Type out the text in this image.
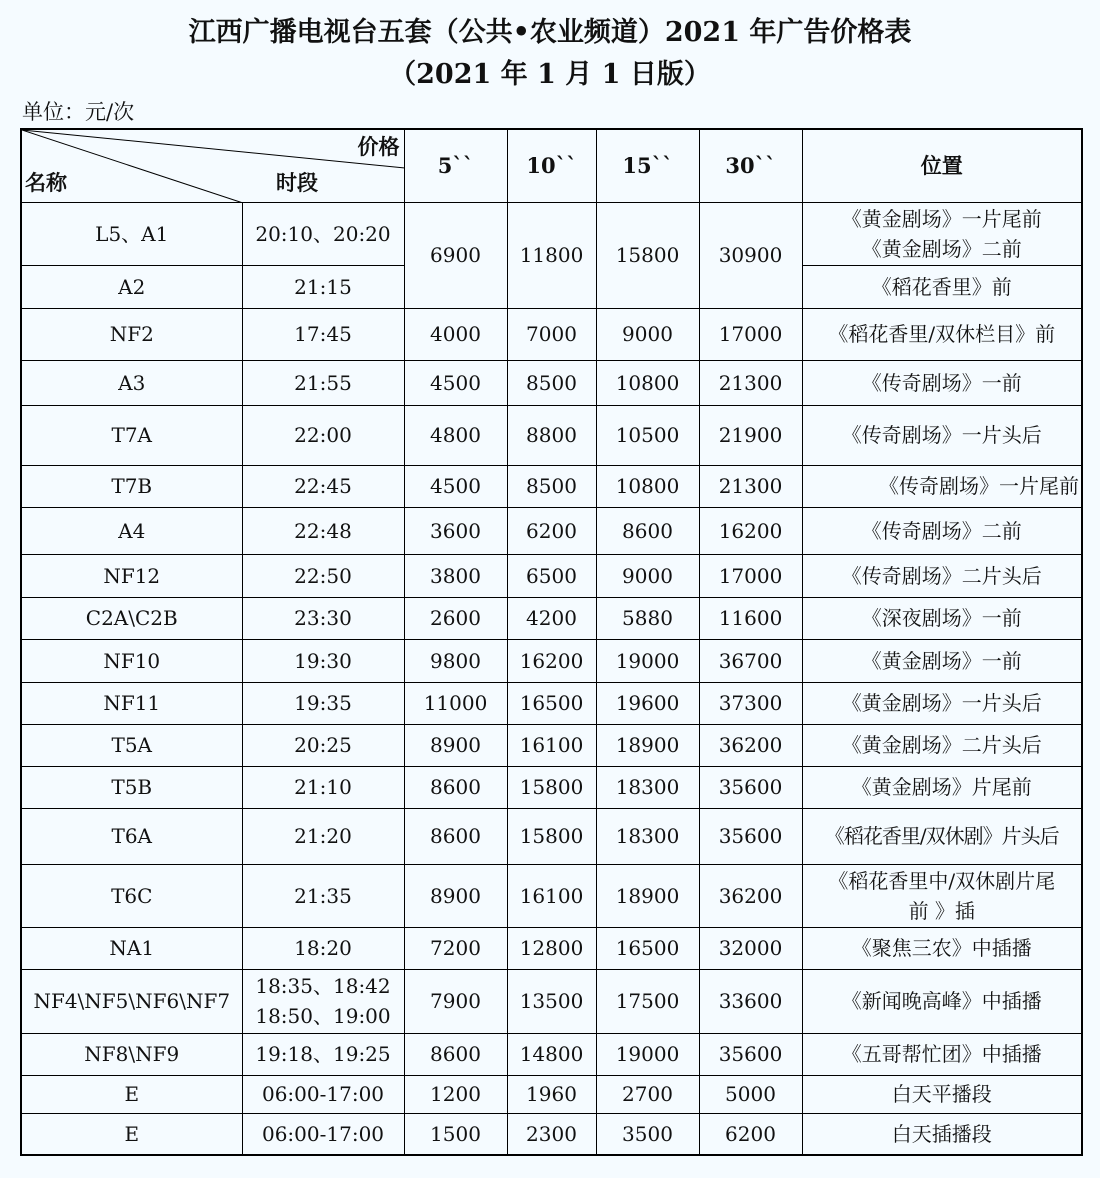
江西广播电视台五套（公共•农业频道）2021 年广告价格表
（2021 年 1 月 1 日版）
单位：元/次
价格
时段
名称		5``	10``	15``	30``	位置
L5、A1	20:10、20:20	6900	11800	15800	30900	《黄金剧场》一片尾前
《黄金剧场》二前

A2	21:15					《稻花香里》前
NF2	17:45	4000	7000	9000	17000	《稻花香里/双休栏目》前
A3	21:55	4500	8500	10800	21300	《传奇剧场》一前
T7A	22:00	4800	8800	10500	21900	《传奇剧场》一片头后
T7B	22:45	4500	8500	10800	21300	《传奇剧场》一片尾前
A4	22:48	3600	6200	8600	16200	《传奇剧场》二前
NF12	22:50	3800	6500	9000	17000	《传奇剧场》二片头后
C2A\C2B	23:30	2600	4200	5880	11600	《深夜剧场》一前
NF10	19:30	9800	16200	19000	36700	《黄金剧场》一前
NF11	19:35	11000	16500	19600	37300	《黄金剧场》一片头后
T5A	20:25	8900	16100	18900	36200	《黄金剧场》二片头后
T5B	21:10	8600	15800	18300	35600	《黄金剧场》片尾前
T6A	21:20	8600	15800	18300	35600	《稻花香里/双休剧》片头后
T6C	21:35	8900	16100	18900	36200	《稻花香里中/双休剧片尾
前 》插

NA1	18:20	7200	12800	16500	32000	《聚焦三农》中插播
NF4\NF5\NF6\NF7	18:35、18:42
18:50、19:00	7900	13500	17500	33600	《新闻晚高峰》中插播
NF8\NF9	19:18、19:25	8600	14800	19000	35600	《五哥帮忙团》中插播
E	06:00-17:00	1200	1960	2700	5000	白天平播段
E	06:00-17:00	1500	2300	3500	6200	白天插播段
